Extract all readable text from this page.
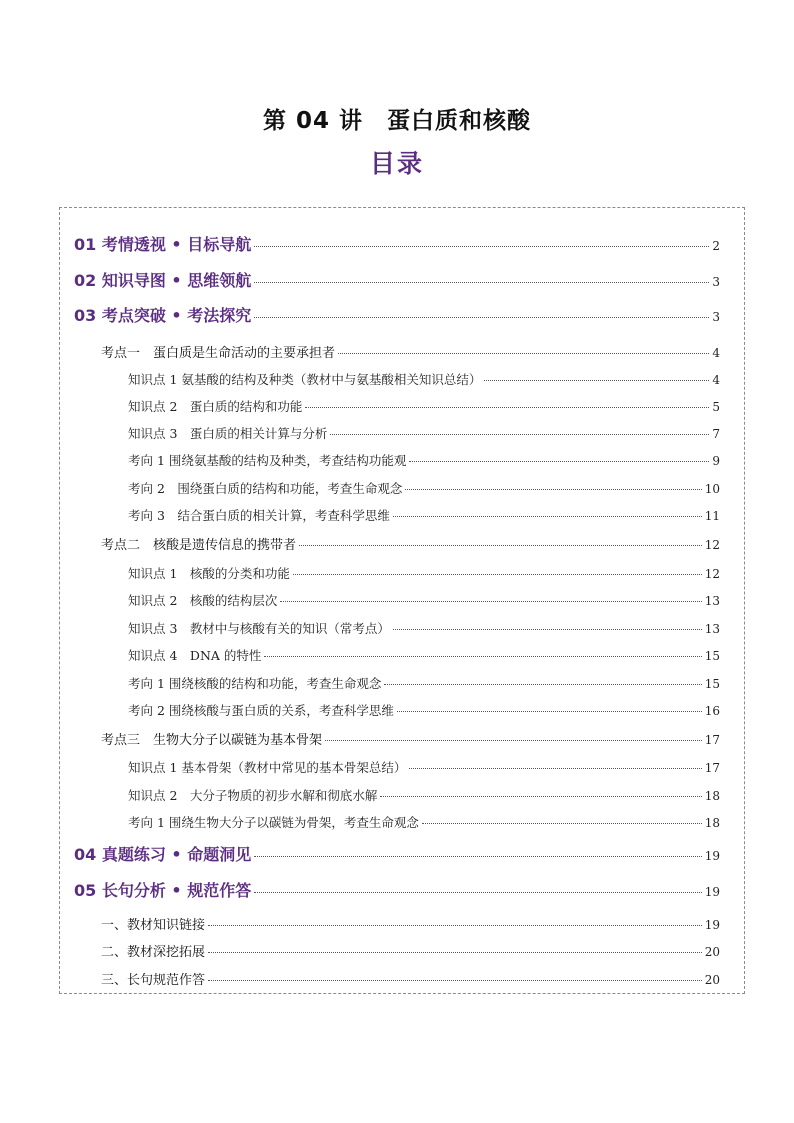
第 04 讲 蛋白质和核酸
目录
01 考情透视 • 目标导航	2
02 知识导图 • 思维领航	3
03 考点突破 • 考法探究	3
考点一　蛋白质是生命活动的主要承担者	4
知识点 1 氨基酸的结构及种类（教材中与氨基酸相关知识总结）	4
知识点 2　蛋白质的结构和功能	5
知识点 3　蛋白质的相关计算与分析	7
考向 1 围绕氨基酸的结构及种类，考查结构功能观	9
考向 2　围绕蛋白质的结构和功能，考查生命观念	10
考向 3　结合蛋白质的相关计算，考查科学思维	11
考点二　核酸是遗传信息的携带者	12
知识点 1　核酸的分类和功能	12
知识点 2　核酸的结构层次	13
知识点 3　教材中与核酸有关的知识（常考点）	13
知识点 4　DNA 的特性	15
考向 1 围绕核酸的结构和功能，考查生命观念	15
考向 2 围绕核酸与蛋白质的关系，考查科学思维	16
考点三　生物大分子以碳链为基本骨架	17
知识点 1 基本骨架（教材中常见的基本骨架总结）	17
知识点 2　大分子物质的初步水解和彻底水解	18
考向 1 围绕生物大分子以碳链为骨架，考查生命观念	18
04 真题练习 • 命题洞见	19
05 长句分析 • 规范作答	19
一、教材知识链接	19
二、教材深挖拓展	20
三、长句规范作答	20
